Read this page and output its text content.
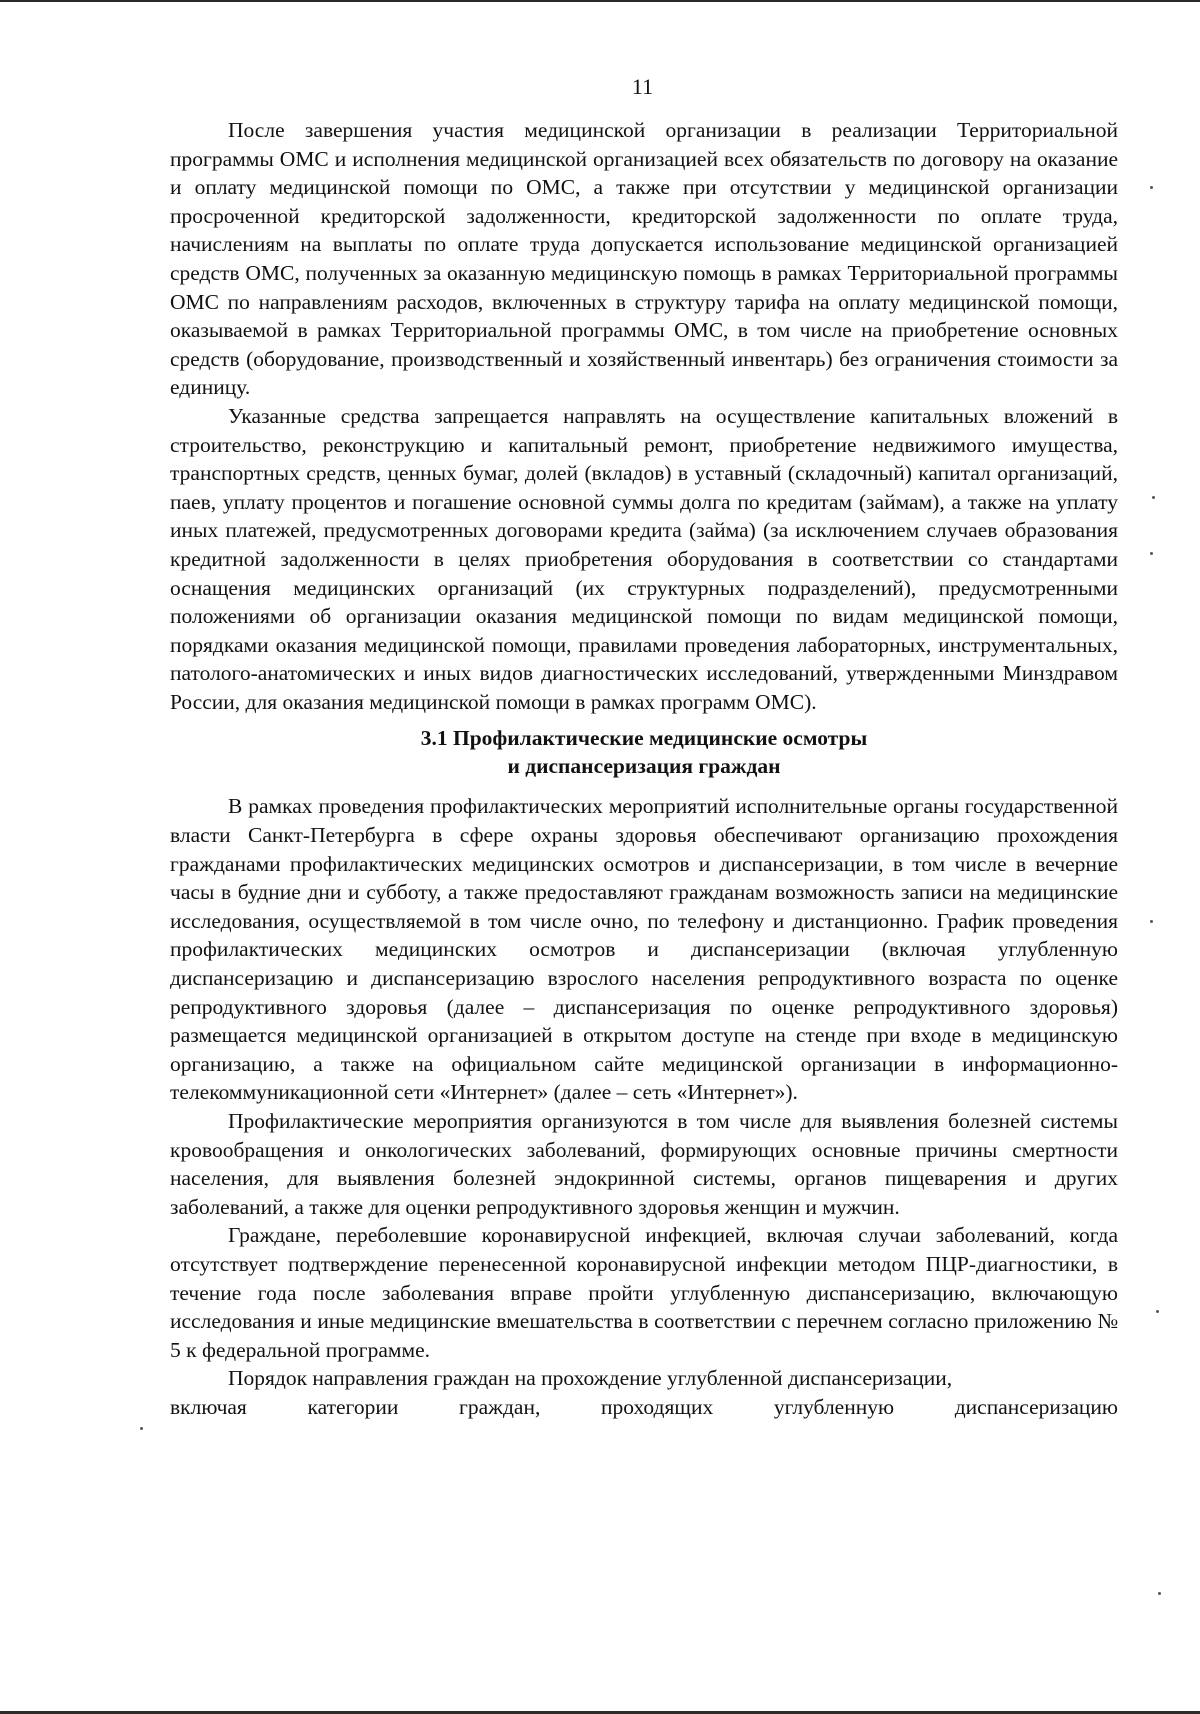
11

После завершения участия медицинской организации в реализации Территориальной программы ОМС и исполнения медицинской организацией всех обязательств по договору на оказание и оплату медицинской помощи по ОМС, а также при отсутствии у медицинской организации просроченной кредиторской задолженности, кредиторской задолженности по оплате труда, начислениям на выплаты по оплате труда допускается использование медицинской организацией средств ОМС, полученных за оказанную медицинскую помощь в рамках Территориальной программы ОМС по направлениям расходов, включенных в структуру тарифа на оплату медицинской помощи, оказываемой в рамках Территориальной программы ОМС, в том числе на приобретение основных средств (оборудование, производственный и хозяйственный инвентарь) без ограничения стоимости за единицу.

Указанные средства запрещается направлять на осуществление капитальных вложений в строительство, реконструкцию и капитальный ремонт, приобретение недвижимого имущества, транспортных средств, ценных бумаг, долей (вкладов) в уставный (складочный) капитал организаций, паев, уплату процентов и погашение основной суммы долга по кредитам (займам), а также на уплату иных платежей, предусмотренных договорами кредита (займа) (за исключением случаев образования кредитной задолженности в целях приобретения оборудования в соответствии со стандартами оснащения медицинских организаций (их структурных подразделений), предусмотренными положениями об организации оказания медицинской помощи по видам медицинской помощи, порядками оказания медицинской помощи, правилами проведения лабораторных, инструментальных, патолого-анатомических и иных видов диагностических исследований, утвержденными Минздравом России, для оказания медицинской помощи в рамках программ ОМС).

3.1 Профилактические медицинские осмотры
и диспансеризация граждан

В рамках проведения профилактических мероприятий исполнительные органы государственной власти Санкт-Петербурга в сфере охраны здоровья обеспечивают организацию прохождения гражданами профилактических медицинских осмотров и диспансеризации, в том числе в вечерние часы в будние дни и субботу, а также предоставляют гражданам возможность записи на медицинские исследования, осуществляемой в том числе очно, по телефону и дистанционно. График проведения профилактических медицинских осмотров и диспансеризации (включая углубленную диспансеризацию и диспансеризацию взрослого населения репродуктивного возраста по оценке репродуктивного здоровья (далее – диспансеризация по оценке репродуктивного здоровья) размещается медицинской организацией в открытом доступе на стенде при входе в медицинскую организацию, а также на официальном сайте медицинской организации в информационно-телекоммуникационной сети «Интернет» (далее – сеть «Интернет»).

Профилактические мероприятия организуются в том числе для выявления болезней системы кровообращения и онкологических заболеваний, формирующих основные причины смертности населения, для выявления болезней эндокринной системы, органов пищеварения и других заболеваний, а также для оценки репродуктивного здоровья женщин и мужчин.

Граждане, переболевшие коронавирусной инфекцией, включая случаи заболеваний, когда отсутствует подтверждение перенесенной коронавирусной инфекции методом ПЦР-диагностики, в течение года после заболевания вправе пройти углубленную диспансеризацию, включающую исследования и иные медицинские вмешательства в соответствии с перечнем согласно приложению № 5 к федеральной программе.

Порядок направления граждан на прохождение углубленной диспансеризации,

включая категории граждан, проходящих углубленную диспансеризацию
